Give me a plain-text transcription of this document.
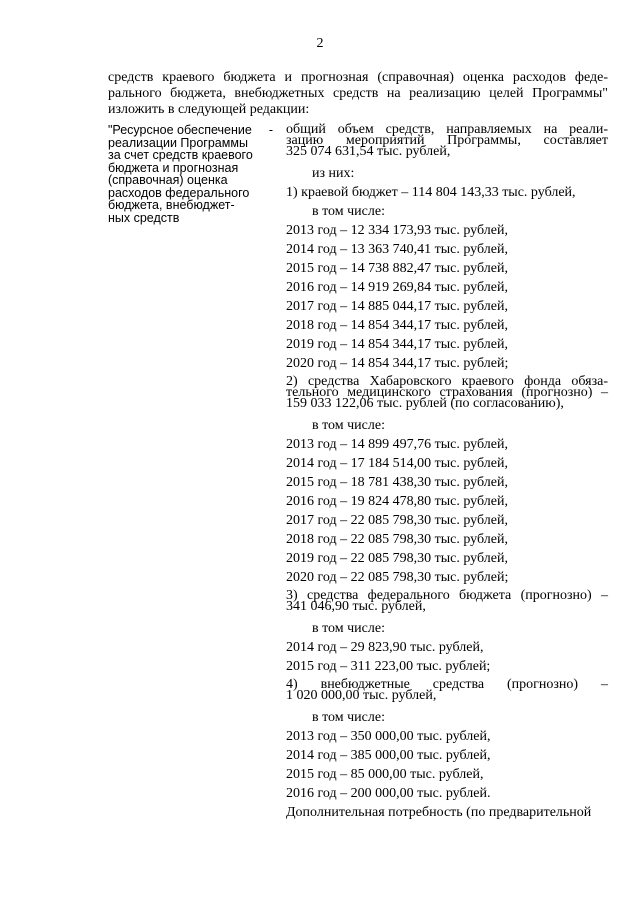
2

средств краевого бюджета и прогнозная (справочная) оценка расходов феде-

рального бюджета, внебюджетных средств на реализацию целей Программы"

изложить в следующей редакции:

"Ресурсное обеспечение -
реализации Программы
за счет средств краевого
бюджета и прогнозная
(справочная) оценка
расходов федерального
бюджета, внебюджет-
ных средств
общий объем средств, направляемых на реали-
зацию мероприятий Программы, составляет
325 074 631,54 тыс. рублей,
из них:
1) краевой бюджет – 114 804 143,33 тыс. рублей,
в том числе:
2013 год – 12 334 173,93 тыс. рублей,
2014 год – 13 363 740,41 тыс. рублей,
2015 год – 14 738 882,47 тыс. рублей,
2016 год – 14 919 269,84 тыс. рублей,
2017 год – 14 885 044,17 тыс. рублей,
2018 год – 14 854 344,17 тыс. рублей,
2019 год – 14 854 344,17 тыс. рублей,
2020 год – 14 854 344,17 тыс. рублей;
2) средства Хабаровского краевого фонда обяза-
тельного медицинского страхования (прогнозно) –
159 033 122,06 тыс. рублей (по согласованию),
в том числе:
2013 год – 14 899 497,76 тыс. рублей,
2014 год – 17 184 514,00 тыс. рублей,
2015 год – 18 781 438,30 тыс. рублей,
2016 год – 19 824 478,80 тыс. рублей,
2017 год – 22 085 798,30 тыс. рублей,
2018 год – 22 085 798,30 тыс. рублей,
2019 год – 22 085 798,30 тыс. рублей,
2020 год – 22 085 798,30 тыс. рублей;
3) средства федерального бюджета (прогнозно) –
341 046,90 тыс. рублей,
в том числе:
2014 год – 29 823,90 тыс. рублей,
2015 год – 311 223,00 тыс. рублей;
4) внебюджетные средства (прогнозно) –
1 020 000,00 тыс. рублей,
в том числе:
2013 год – 350 000,00 тыс. рублей,
2014 год – 385 000,00 тыс. рублей,
2015 год – 85 000,00 тыс. рублей,
2016 год – 200 000,00 тыс. рублей.
Дополнительная потребность (по предварительной
